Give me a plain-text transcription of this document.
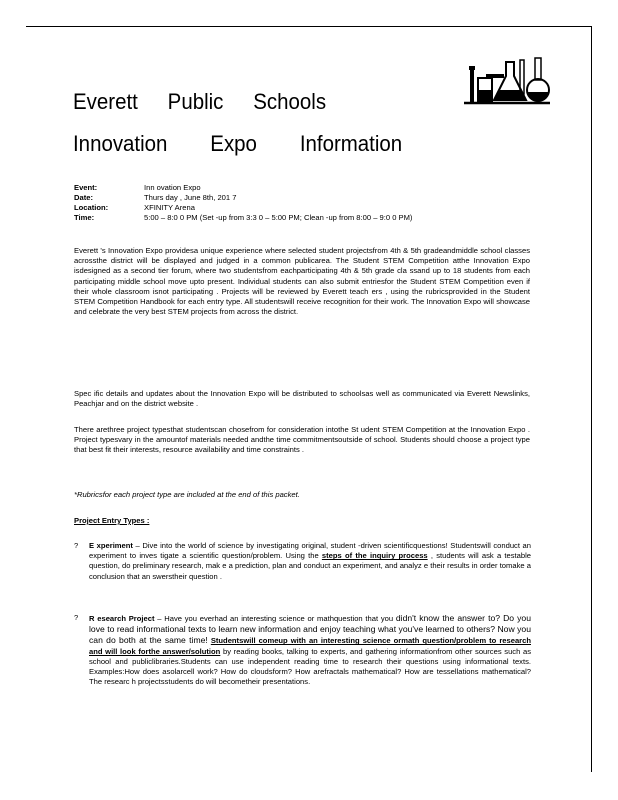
Everett Public Schools
Innovation Expo Information
Event:	Inn ovation Expo
Date:	Thurs day , June 8th, 201 7
Location:	XFINITY Arena
Time:	5:00 – 8:0 0 PM (Set -up from 3:3 0 – 5:00 PM; Clean -up from 8:00 – 9:0 0 PM)

Everett 's Innovation Expo providesa unique experience where selected student projectsfrom 4th & 5th gradeandmiddle school classes acrossthe district will be displayed and judged in a common publicarea. The Student STEM Competition atthe Innovation Expo isdesigned as a second tier forum, where two studentsfrom eachparticipating 4th & 5th grade cla ssand up to 18 students from each participating middle school move upto present. Individual students can also submit entriesfor the Student STEM Competition even if their whole classroom isnot participating . Projects will be reviewed by Everett teach ers , using the rubricsprovided in the Student STEM Competition Handbook for each entry type. All studentswill receive recognition for their work. The Innovation Expo will showcase and celebrate the very best STEM projects from across the district.

Spec ific details and updates about the Innovation Expo will be distributed to schoolsas well as communicated via Everett Newslinks, Peachjar and on the district website .

There arethree project typesthat studentscan chosefrom for consideration intothe St udent STEM Competition at the Innovation Expo . Project typesvary in the amountof materials needed andthe time commitmentsoutside of school. Students should choose a project type that best fit their interests, resource availability and time constraints .

*Rubricsfor each project type are included at the end of this packet.

Project Entry Types :
? E xperiment – Dive into the world of science by investigating original, student -driven scientificquestions! Studentswill conduct an experiment to inves tigate a scientific question/problem. Using the steps of the inquiry process , students will ask a testable question, do preliminary research, mak e a prediction, plan and conduct an experiment, and analyz e their results in order tomake a conclusion that an swerstheir question .
? R esearch Project – Have you everhad an interesting science or mathquestion that you didn't know the answer to? Do you love to read informational texts to learn new information and enjoy teaching what you've learned to others? Now you can do both at the same time! Studentswill comeup with an interesting science ormath question/problem to research and will look forthe answer/solution by reading books, talking to experts, and gathering informationfrom other sources such as school and publiclibraries.Students can use independent reading time to research their questions using informational texts. Examples:How does asolarcell work? How do cloudsform? How arefractals mathematical? How are tessellations mathematical? The researc h projectsstudents do will becometheir presentations.
